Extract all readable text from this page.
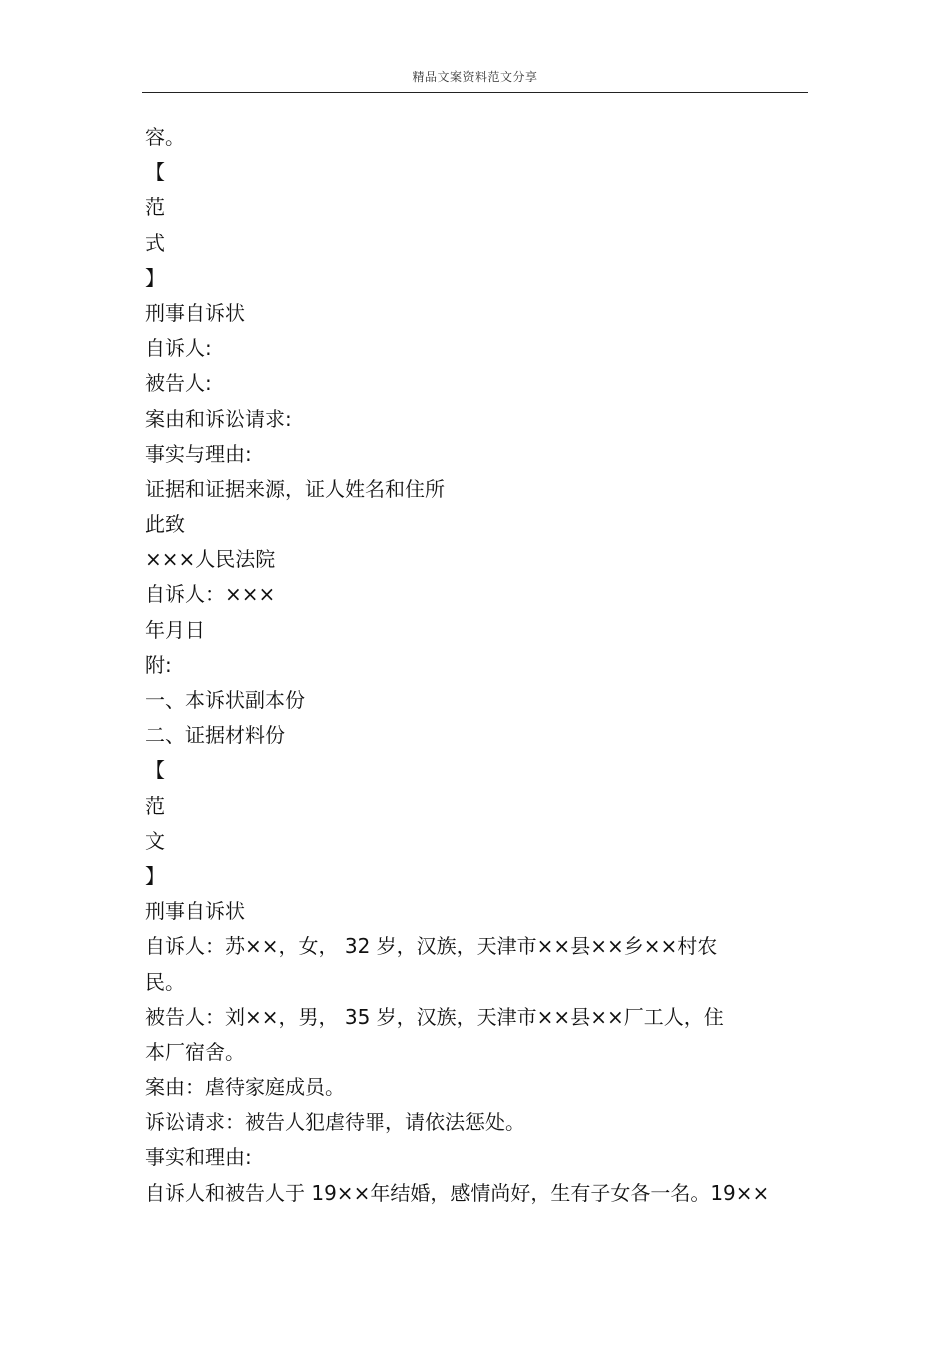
精品文案资料范文分享
容。
【
范
式
】
刑事自诉状
自诉人:
被告人:
案由和诉讼请求:
事实与理由:
证据和证据来源，证人姓名和住所
此致
×××人民法院
自诉人：×××
年月日
附:
一、本诉状副本份
二、证据材料份
【
范
文
】
刑事自诉状
自诉人：苏××，女， 32 岁，汉族，天津市××县××乡××村农
民。
被告人：刘××，男， 35 岁，汉族，天津市××县××厂工人，住
本厂宿舍。
案由：虐待家庭成员。
诉讼请求：被告人犯虐待罪，请依法惩处。
事实和理由:
自诉人和被告人于 19××年结婚，感情尚好，生有子女各一名。19××
